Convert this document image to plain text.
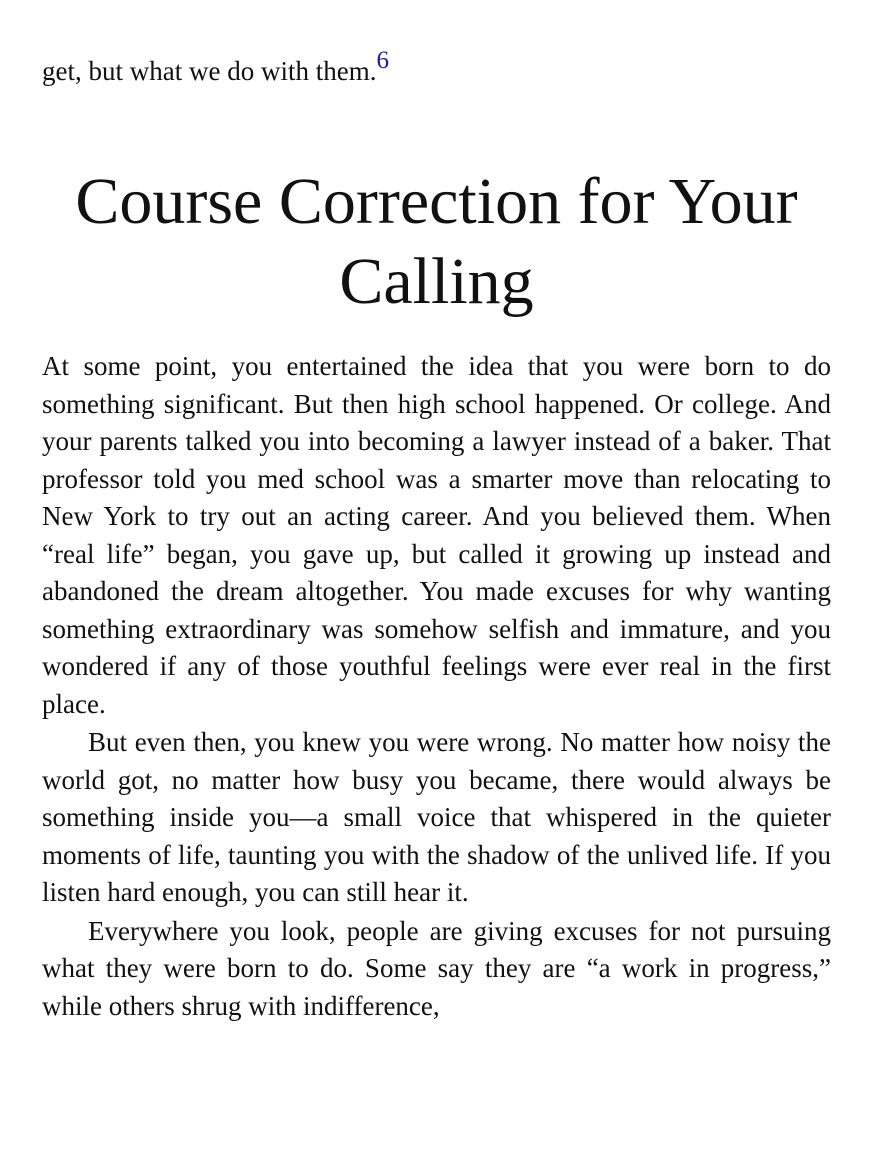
get, but what we do with them.6

Course Correction for Your Calling

At some point, you entertained the idea that you were born to do something significant. But then high school happened. Or college. And your parents talked you into becoming a lawyer instead of a baker. That professor told you med school was a smarter move than relocating to New York to try out an acting career. And you believed them. When “real life” began, you gave up, but called it growing up instead and abandoned the dream altogether. You made excuses for why wanting something extraordinary was somehow selfish and immature, and you wondered if any of those youthful feelings were ever real in the first place.

But even then, you knew you were wrong. No matter how noisy the world got, no matter how busy you became, there would always be something inside you—a small voice that whispered in the quieter moments of life, taunting you with the shadow of the unlived life. If you listen hard enough, you can still hear it.

Everywhere you look, people are giving excuses for not pursuing what they were born to do. Some say they are “a work in progress,” while others shrug with indifference,
